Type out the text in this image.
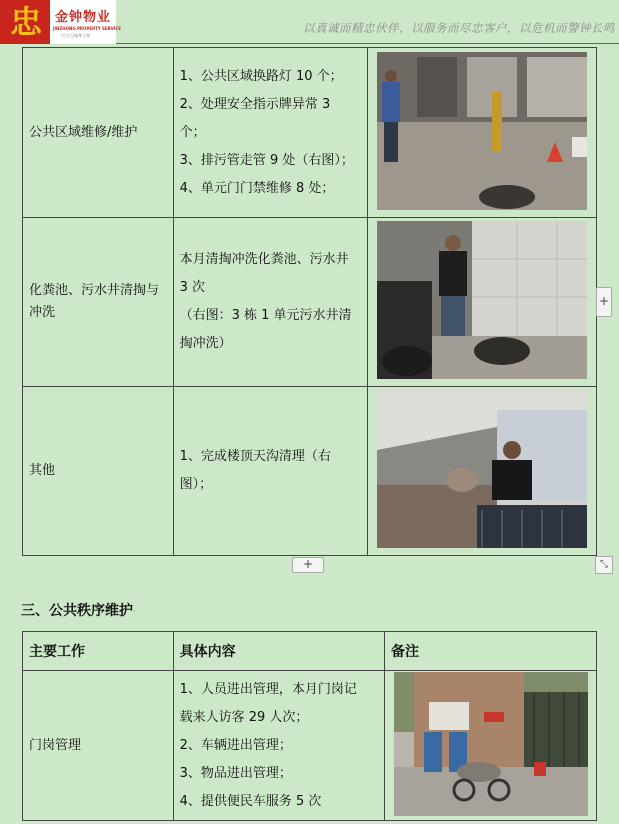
忠	金钟物业
JINZHONG PROPERTY SERVICE
一百万目诚身立命
以真诚而精忠伙伴，以服务而尽忠客户，以危机而警钟长鸣
公共区域维修/维护	1、公共区域换路灯 10 个；
2、处理安全指示牌异常 3
个；
3、排污管走管 9 处（右图）；
4、单元门门禁维修 8 处；

化粪池、污水井清掏与
冲洗	本月清掏冲洗化粪池、污水井
3 次
（右图：3 栋 1 单元污水井清
掏冲洗）

其他	1、完成楼顶天沟清理（右
图）；

+
+	⤡
三、公共秩序维护·
主要工作	具体内容	备注
门岗管理	1、人员进出管理，本月门岗记
载来人访客 29 人次；
2、车辆进出管理；
3、物品进出管理；
4、提供便民车服务 5 次
